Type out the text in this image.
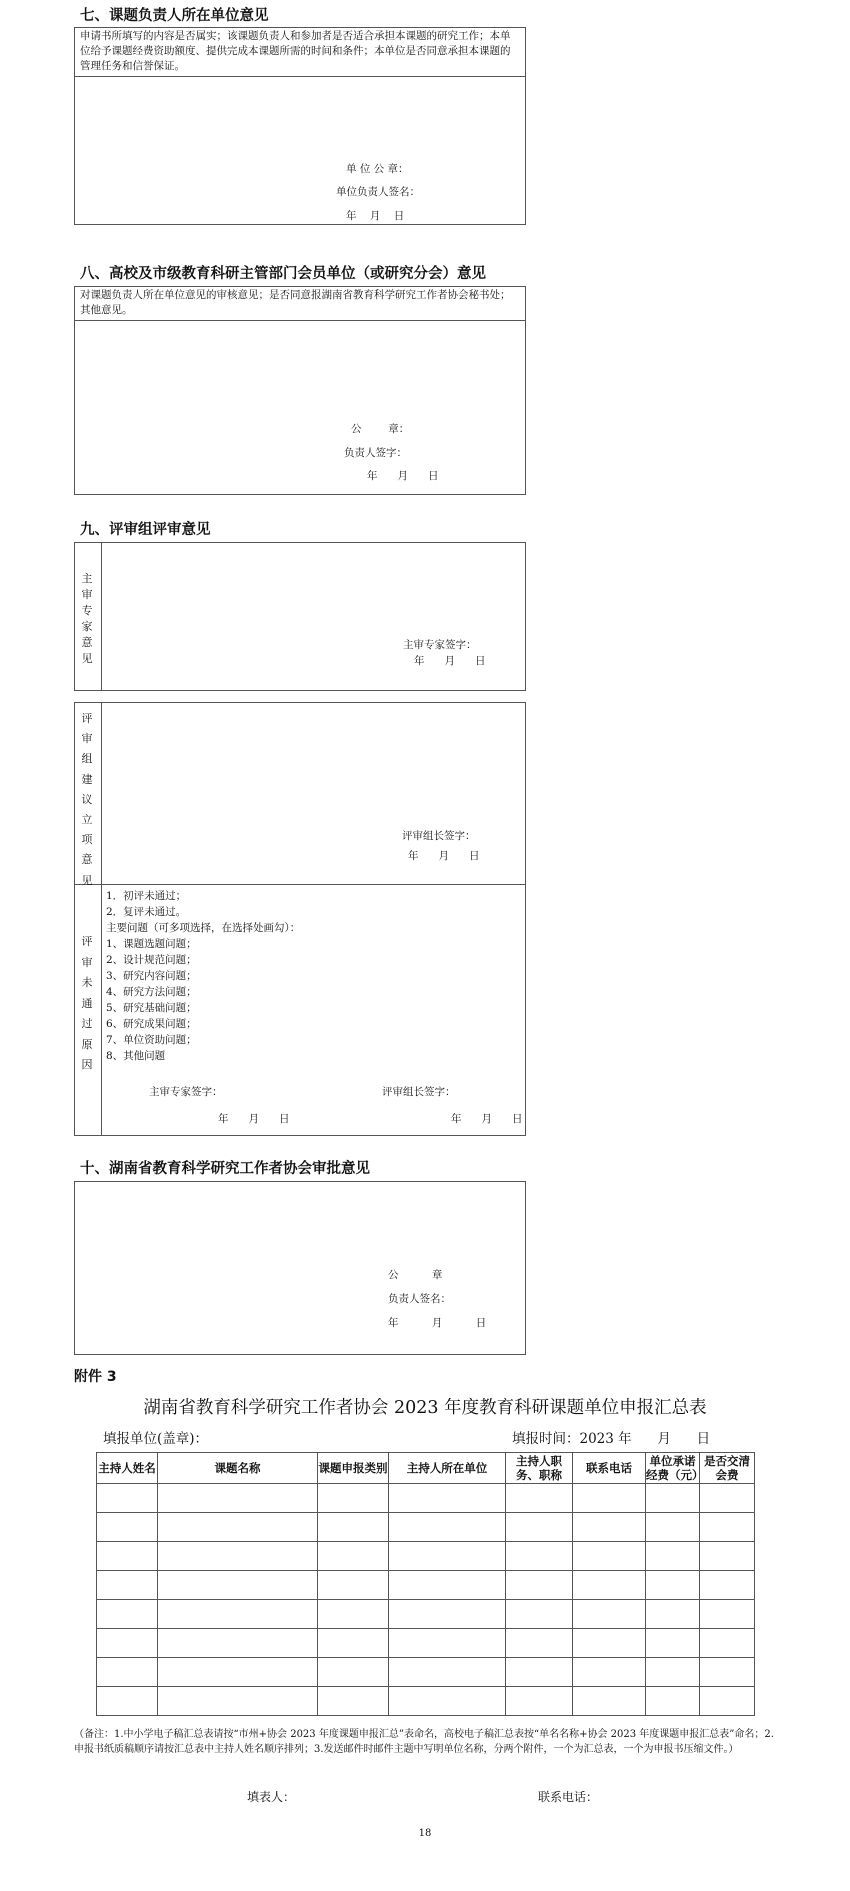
七、课题负责人所在单位意见
申请书所填写的内容是否属实；该课题负责人和参加者是否适合承担本课题的研究工作；本单位给予课题经费资助额度、提供完成本课题所需的时间和条件；本单位是否同意承担本课题的管理任务和信誉保证。
单 位 公 章：
单位负责人签名：
年    月    日
八、高校及市级教育科研主管部门会员单位（或研究分会）意见
对课题负责人所在单位意见的审核意见；是否同意报湖南省教育科学研究工作者协会秘书处；其他意见。
公        章：
负责人签字：
年      月      日
九、评审组评审意见
主
审
专
家
意
见
主审专家签字：
年      月      日
评
审
组
建
议
立
项
意
见
评审组长签字：
年      月      日
评
审
未
通
过
原
因
1．初评未通过；
2．复评未通过。
主要问题（可多项选择，在选择处画勾）：
1、课题选题问题；
2、设计规范问题；
3、研究内容问题；
4、研究方法问题；
5、研究基础问题；
6、研究成果问题；
7、单位资助问题；
8、其他问题
主审专家签字：	评审组长签字：
年      月      日	年      月      日
十、湖南省教育科学研究工作者协会审批意见
公          章
负责人签名：
年          月          日
附件 3
湖南省教育科学研究工作者协会 2023 年度教育科研课题单位申报汇总表
填报单位(盖章)：	填报时间：2023 年      月      日
主持人姓名	课题名称	课题申报类别	主持人所在单位	主持人职务、职称	联系电话	单位承诺经费（元）	是否交清会费

（备注：1.中小学电子稿汇总表请按“市州+协会 2023 年度课题申报汇总”表命名，高校电子稿汇总表按“单名名称+协会 2023 年度课题申报汇总表”命名；2.申报书纸质稿顺序请按汇总表中主持人姓名顺序排列；3.发送邮件时邮件主题中写明单位名称，分两个附件，一个为汇总表，一个为申报书压缩文件。）
填表人：	联系电话：
18
